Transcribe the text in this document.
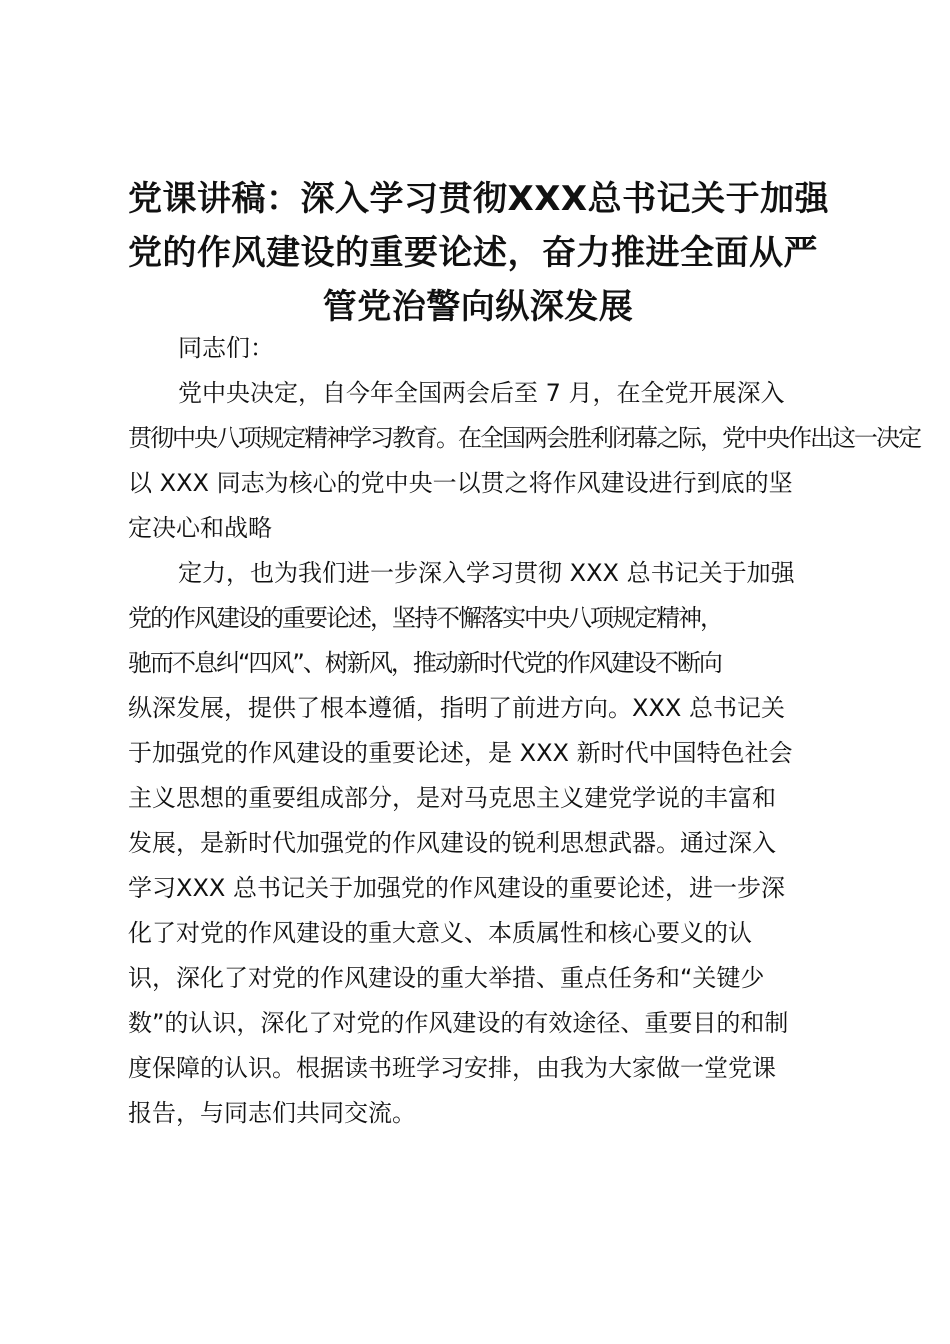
党课讲稿：深入学习贯彻XXX总书记关于加强
党的作风建设的重要论述，奋力推进全面从严
管党治警向纵深发展
同志们：
党中央决定，自今年全国两会后至 7 月，在全党开展深入
贯彻中央八项规定精神学习教育。在全国两会胜利闭幕之际，党中央作出这一决定
以 XXX 同志为核心的党中央一以贯之将作风建设进行到底的坚
定决心和战略
定力，也为我们进一步深入学习贯彻 XXX 总书记关于加强
党的作风建设的重要论述，坚持不懈落实中央八项规定精神，
驰而不息纠“四风”、树新风，推动新时代党的作风建设不断向
纵深发展，提供了根本遵循，指明了前进方向。XXX 总书记关
于加强党的作风建设的重要论述，是 XXX 新时代中国特色社会
主义思想的重要组成部分，是对马克思主义建党学说的丰富和
发展，是新时代加强党的作风建设的锐利思想武器。通过深入
学习XXX 总书记关于加强党的作风建设的重要论述，进一步深
化了对党的作风建设的重大意义、本质属性和核心要义的认
识，深化了对党的作风建设的重大举措、重点任务和“关键少
数”的认识，深化了对党的作风建设的有效途径、重要目的和制
度保障的认识。根据读书班学习安排，由我为大家做一堂党课
报告，与同志们共同交流。
